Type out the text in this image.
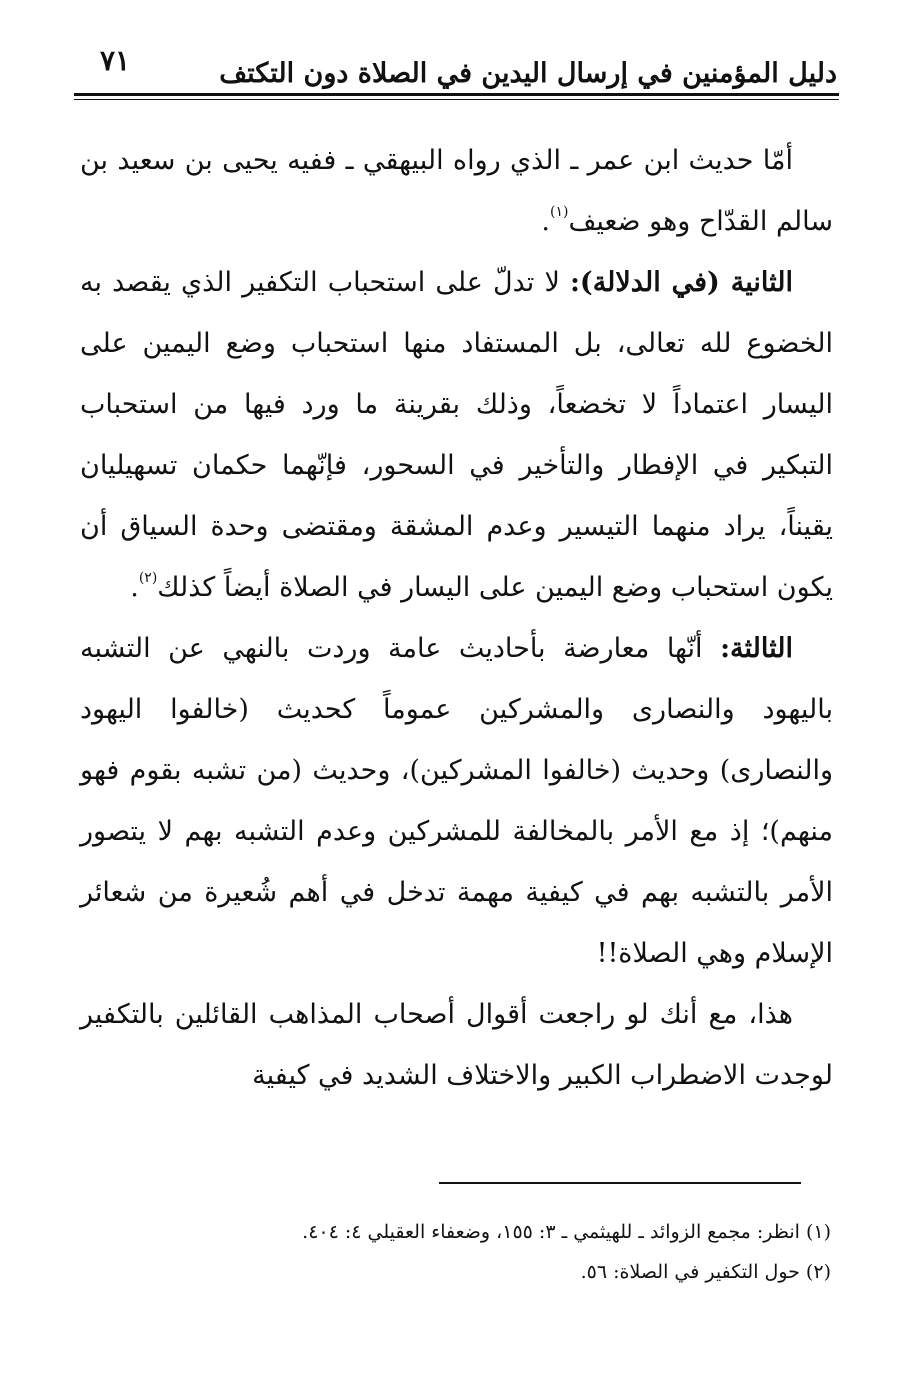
دليل المؤمنين في إرسال اليدين في الصلاة دون التكتف
٧١

أمّا حديث ابن عمر ـ الذي رواه البيهقي ـ ففيه يحيى بن سعيد بن سالم القدّاح وهو ضعيف$^{(١)}$.

الثانية (في الدلالة): لا تدلّ على استحباب التكفير الذي يقصد به الخضوع لله تعالى، بل المستفاد منها استحباب وضع اليمين على اليسار اعتماداً لا تخضعاً، وذلك بقرينة ما ورد فيها من استحباب التبكير في الإفطار والتأخير في السحور، فإنّهما حكمان تسهيليان يقيناً، يراد منهما التيسير وعدم المشقة ومقتضى وحدة السياق أن يكون استحباب وضع اليمين على اليسار في الصلاة أيضاً كذلك$^{(٢)}$.

الثالثة: أنّها معارضة بأحاديث عامة وردت بالنهي عن التشبه باليهود والنصارى والمشركين عموماً كحديث (خالفوا اليهود والنصارى) وحديث (خالفوا المشركين)، وحديث (من تشبه بقوم فهو منهم)؛ إذ مع الأمر بالمخالفة للمشركين وعدم التشبه بهم لا يتصور الأمر بالتشبه بهم في كيفية مهمة تدخل في أهم شُعيرة من شعائر الإسلام وهي الصلاة!!

هذا، مع أنك لو راجعت أقوال أصحاب المذاهب القائلين بالتكفير لوجدت الاضطراب الكبير والاختلاف الشديد في كيفية

(١) انظر: مجمع الزوائد ـ للهيثمي ـ ٣: ١٥٥، وضعفاء العقيلي ٤: ٤٠٤.
(٢) حول التكفير في الصلاة: ٥٦.
